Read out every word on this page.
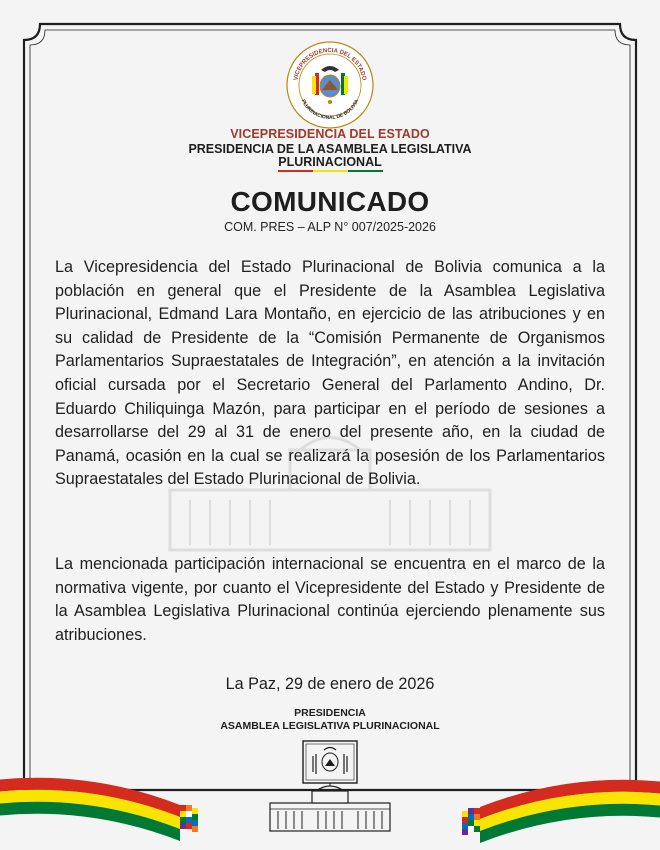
VICEPRESIDENCIA DEL ESTADO
PLURINACIONAL DE BOLIVIA
VICEPRESIDENCIA DEL ESTADO
PRESIDENCIA DE LA ASAMBLEA LEGISLATIVA
PLURINACIONAL
COMUNICADO
COM. PRES – ALP N° 007/2025-2026

La Vicepresidencia del Estado Plurinacional de Bolivia comunica a la población en general que el Presidente de la Asamblea Legislativa Plurinacional, Edmand Lara Montaño, en ejercicio de las atribuciones y en su calidad de Presidente de la “Comisión Permanente de Organismos Parlamentarios Supraestatales de Integración”, en atención a la invitación oficial cursada por el Secretario General del Parlamento Andino, Dr. Eduardo Chiliquinga Mazón, para participar en el período de sesiones a desarrollarse del 29 al 31 de enero del presente año, en la ciudad de Panamá, ocasión en la cual se realizará la posesión de los Parlamentarios Supraestatales del Estado Plurinacional de Bolivia.

La mencionada participación internacional se encuentra en el marco de la normativa vigente, por cuanto el Vicepresidente del Estado y Presidente de la Asamblea Legislativa Plurinacional continúa ejerciendo plenamente sus atribuciones.

La Paz, 29 de enero de 2026
PRESIDENCIA
ASAMBLEA LEGISLATIVA PLURINACIONAL
